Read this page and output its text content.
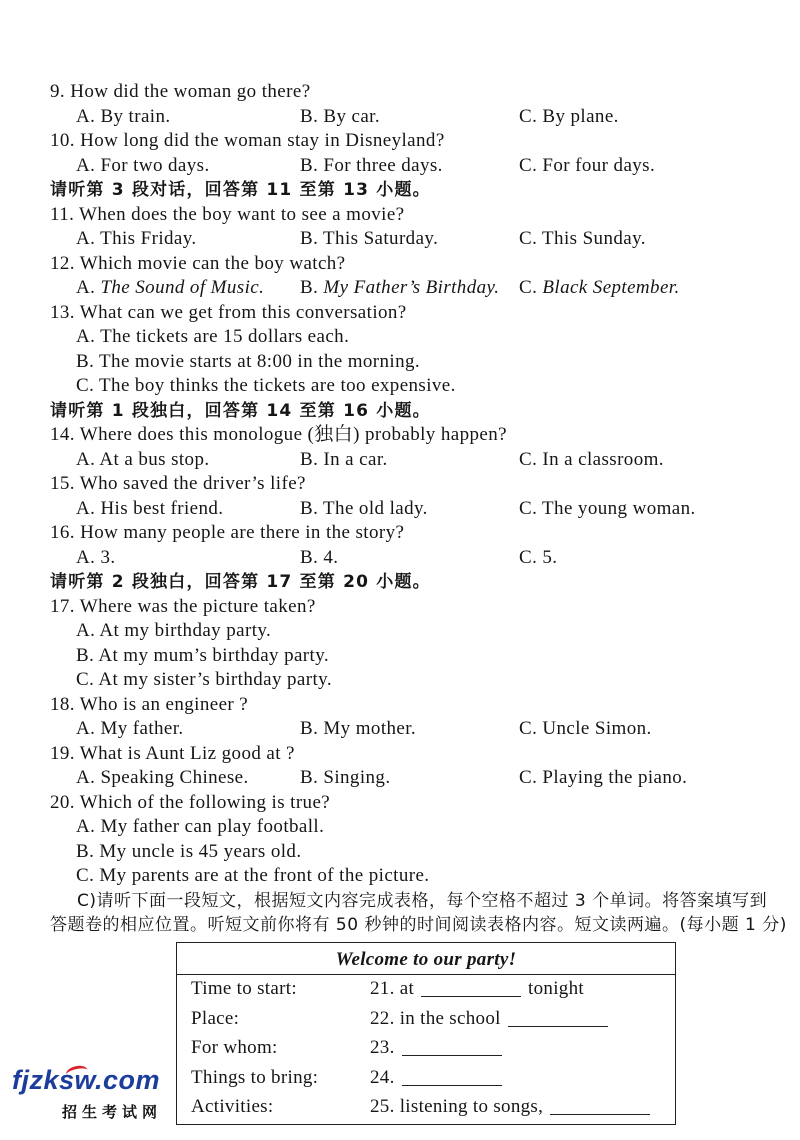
9. How did the woman go there?
A. By train.	B. By car.	C. By plane.
10. How long did the woman stay in Disneyland?
A. For two days.	B. For three days.	C. For four days.
请听第 3 段对话，回答第 11 至第 13 小题。
11. When does the boy want to see a movie?
A. This Friday.	B. This Saturday.	C. This Sunday.
12. Which movie can the boy watch?
A. The Sound of Music. B. My Father’s Birthday. C. Black September.
13. What can we get from this conversation?
A. The tickets are 15 dollars each.
B. The movie starts at 8:00 in the morning.
C. The boy thinks the tickets are too expensive.
请听第 1 段独白，回答第 14 至第 16 小题。
14. Where does this monologue (独白) probably happen?
A. At a bus stop.	B. In a car.	C. In a classroom.
15. Who saved the driver’s life?
A. His best friend.	B. The old lady.	C. The young woman.
16. How many people are there in the story?
A. 3.	B. 4.	C. 5.
请听第 2 段独白，回答第 17 至第 20 小题。
17. Where was the picture taken?
A. At my birthday party.
B. At my mum’s birthday party.
C. At my sister’s birthday party.
18. Who is an engineer ?
A. My father.	B. My mother.	C. Uncle Simon.
19. What is Aunt Liz good at ?
A. Speaking Chinese.	B. Singing.	C. Playing the piano.
20. Which of the following is true?
A. My father can play football.
B. My uncle is 45 years old.
C. My parents are at the front of the picture.
C)请听下面一段短文，根据短文内容完成表格，每个空格不超过 3 个单词。将答案填写到
答题卷的相应位置。听短文前你将有 50 秒钟的时间阅读表格内容。短文读两遍。(每小题 1 分)
Welcome to our party!
Time to start:	21. at	tonight
Place:	22. in the school
For whom:	23.
Things to bring:	24.
Activities:	25. listening to songs,
fjzksw.com
招生考试网
